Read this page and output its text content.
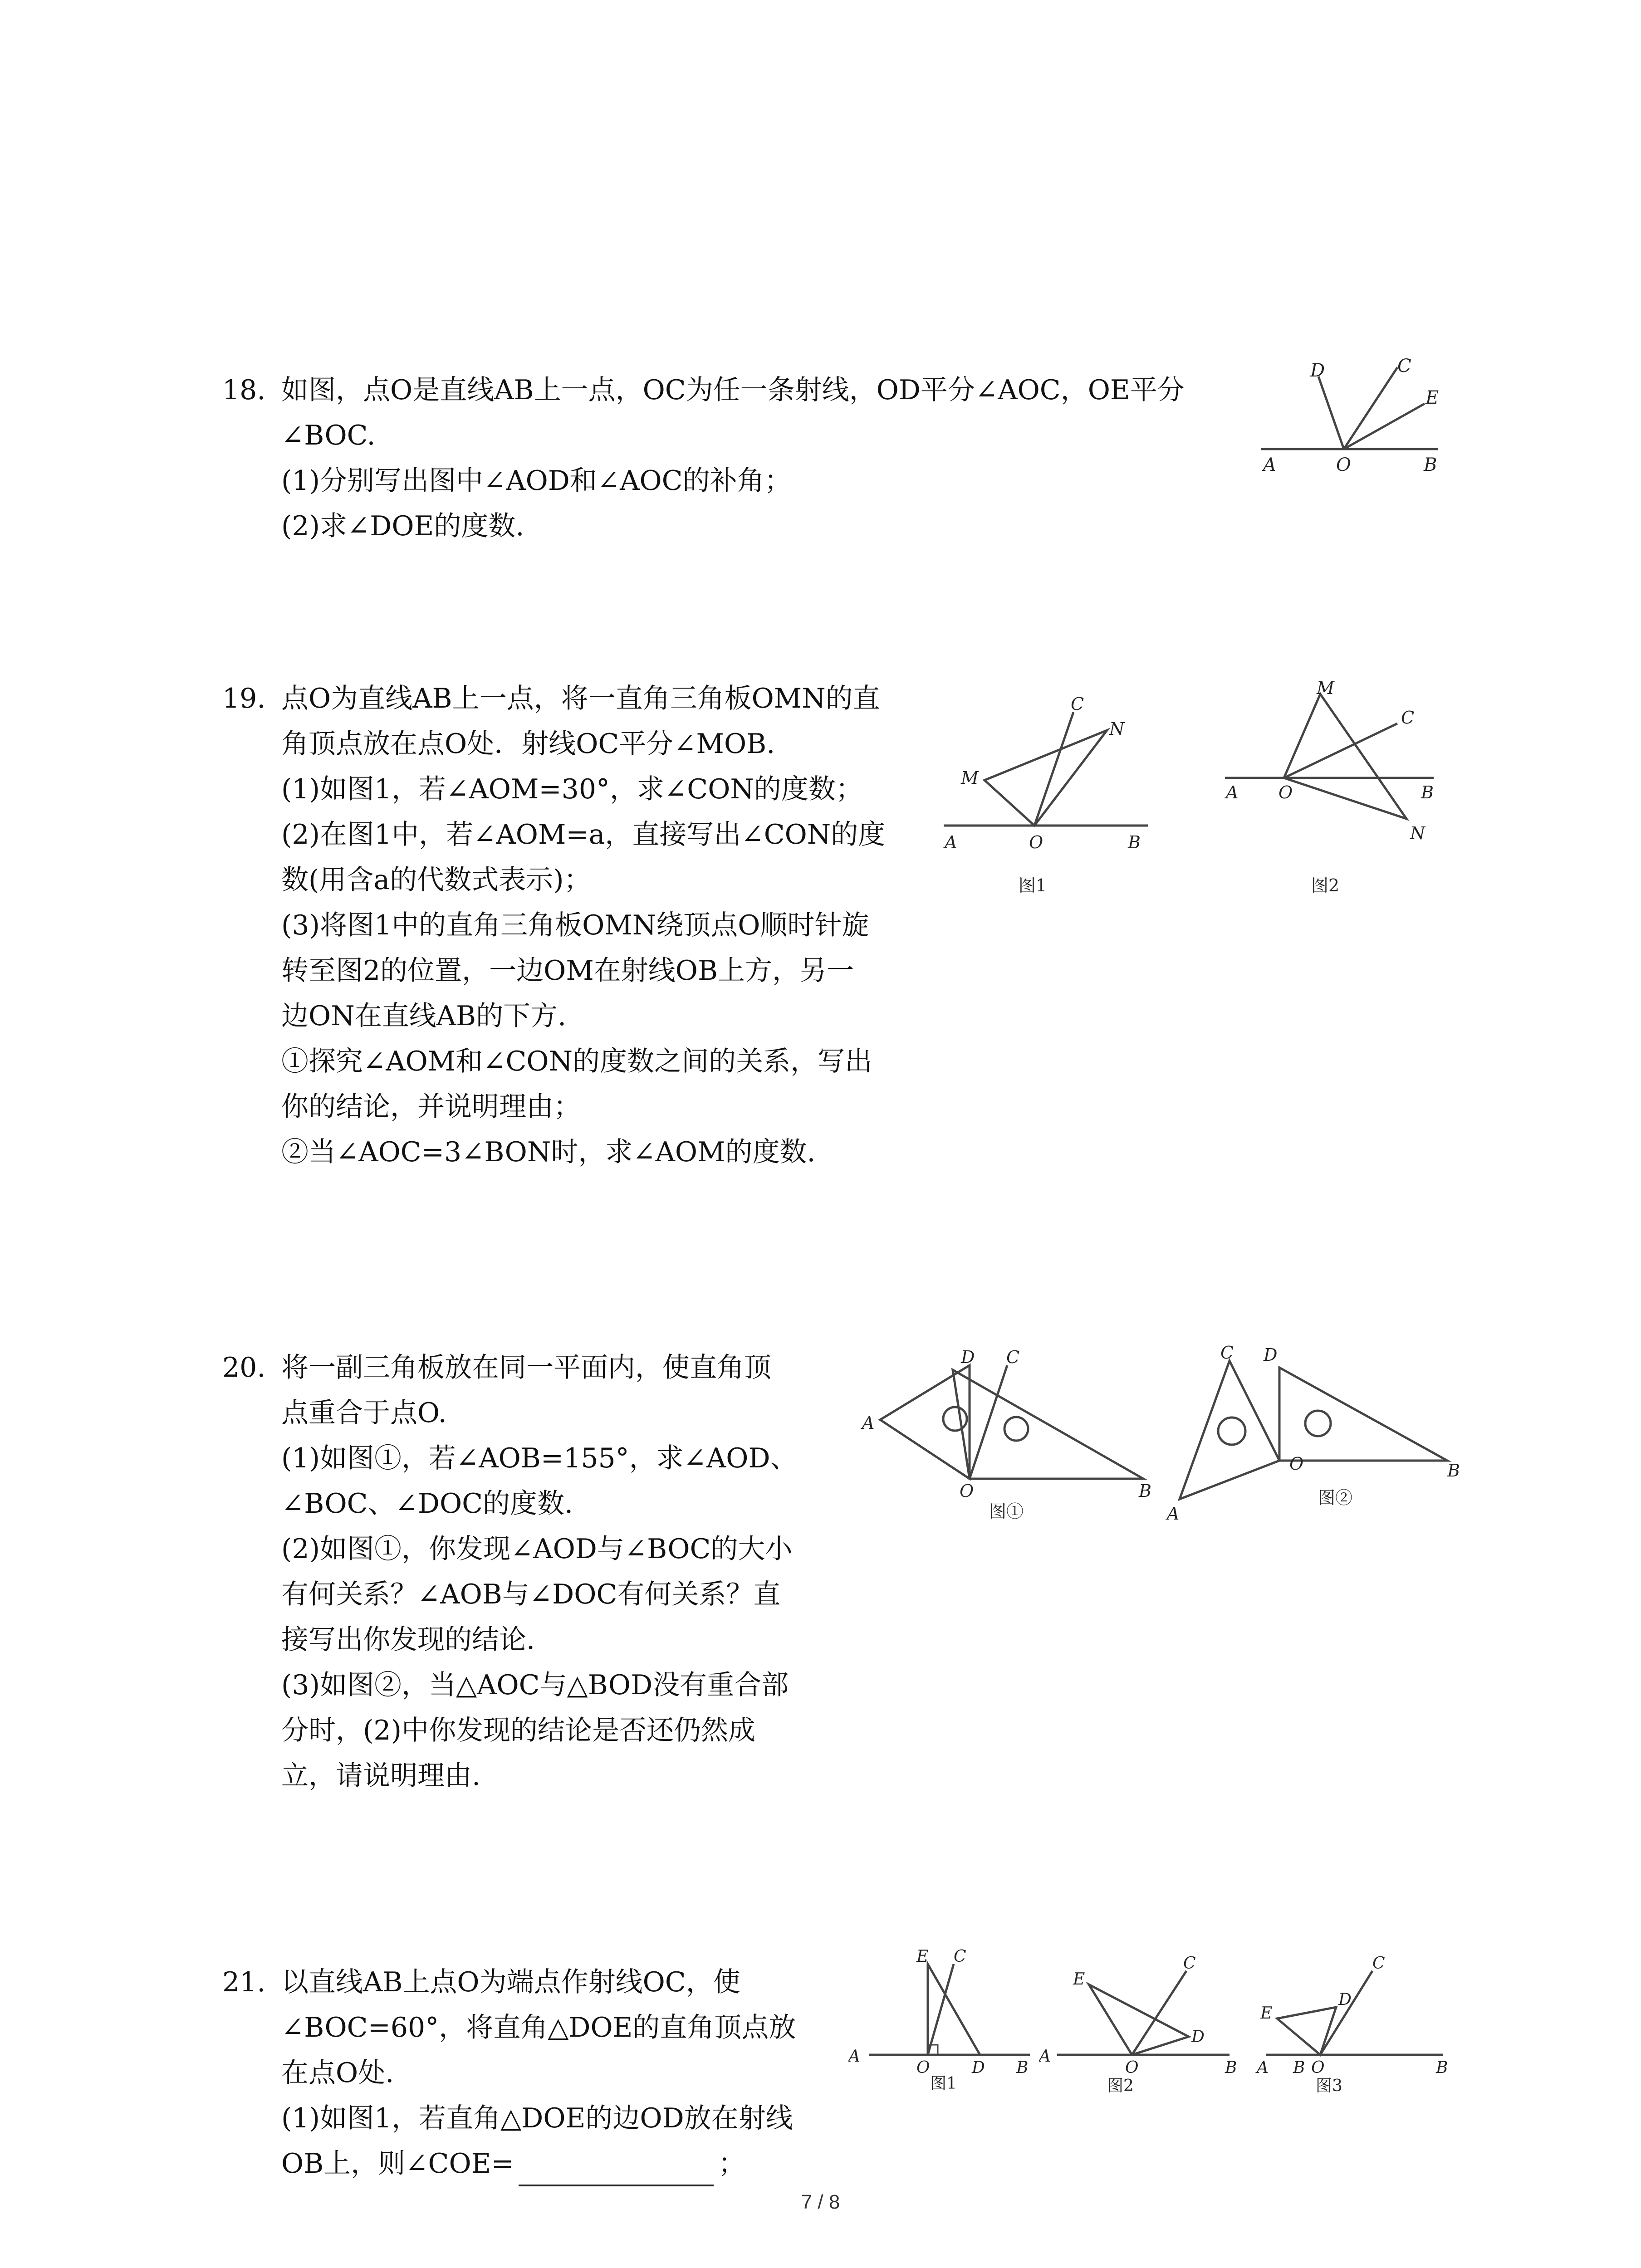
18. 如图，点O是直线AB上一点，OC为任一条射线，OD平分∠AOC，OE平分
∠BOC.
(1)分别写出图中∠AOD和∠AOC的补角；
(2)求∠DOE的度数.
D	C
E
A	O	B
19. 点O为直线AB上一点，将一直角三角板OMN的直
角顶点放在点O处．射线OC平分∠MOB.
(1)如图1，若∠AOM=30°，求∠CON的度数；
(2)在图1中，若∠AOM=a，直接写出∠CON的度
数(用含a的代数式表示)；
(3)将图1中的直角三角板OMN绕顶点O顺时针旋
转至图2的位置，一边OM在射线OB上方，另一
边ON在直线AB的下方.
①探究∠AOM和∠CON的度数之间的关系，写出
你的结论，并说明理由；
②当∠AOC=3∠BON时，求∠AOM的度数.
C
N
M
A	O	B
图1
M
C
A O	B
N
图2
20. 将一副三角板放在同一平面内，使直角顶
点重合于点O.
(1)如图①，若∠AOB=155°，求∠AOD、
∠BOC、∠DOC的度数.
(2)如图①，你发现∠AOD与∠BOC的大小
有何关系？∠AOB与∠DOC有何关系？直
接写出你发现的结论.
(3)如图②，当△AOC与△BOD没有重合部
分时，(2)中你发现的结论是否还仍然成
立，请说明理由.
D C
A
O	B
图①
C D
O	B
A
图②
21. 以直线AB上点O为端点作射线OC，使
∠BOC=60°，将直角△DOE的直角顶点放
在点O处.
(1)如图1，若直角△DOE的边OD放在射线
OB上，则∠COE=	；
E C
A
O	D B
图1
E
C
D
A
O	B
图2
E
C
D
A B O	B
图3
7 / 8
